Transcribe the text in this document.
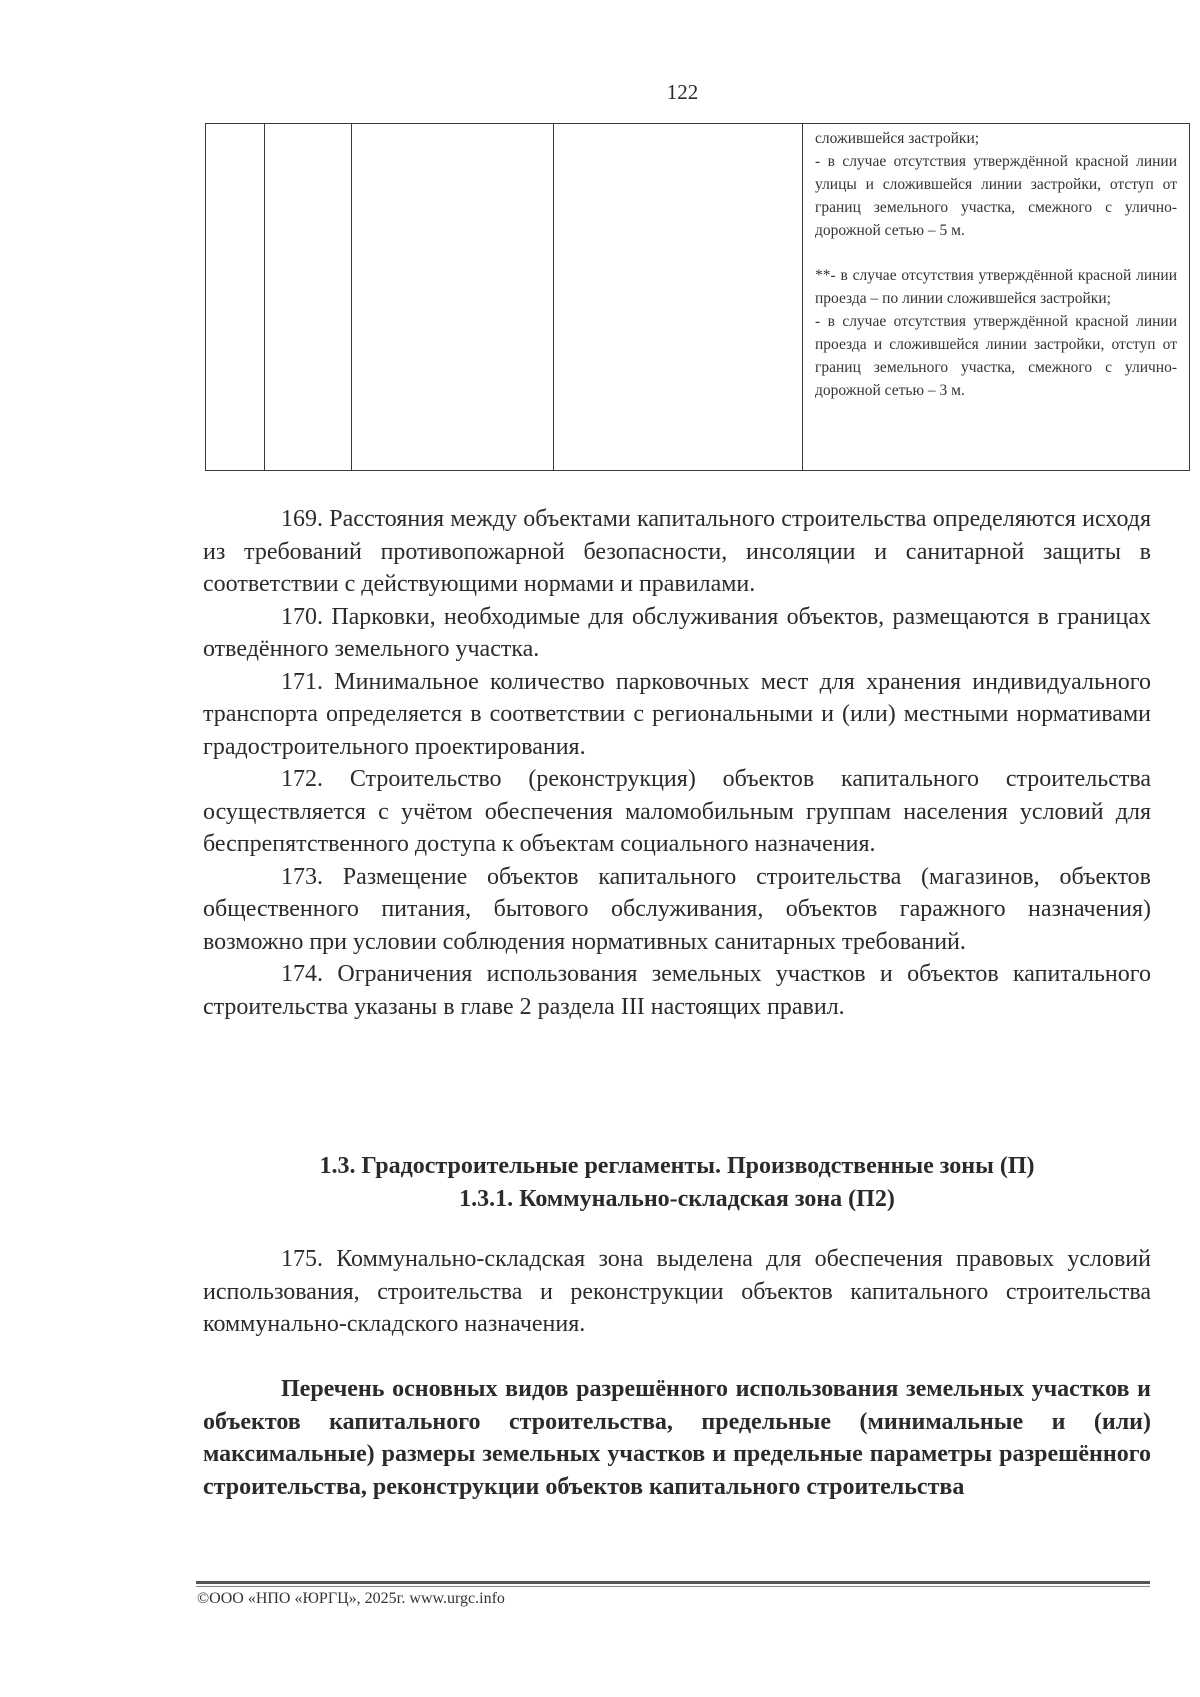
122

сложившейся застройки;

- в случае отсутствия утверждённой красной линии улицы и сложившейся линии застройки, отступ от границ земельного участка, смежного с улично-дорожной сетью – 5 м.

**- в случае отсутствия утверждённой красной линии проезда – по линии сложившейся застройки;

- в случае отсутствия утверждённой красной линии проезда и сложившейся линии застройки, отступ от границ земельного участка, смежного с улично-дорожной сетью – 3 м.

169. Расстояния между объектами капитального строительства определяются исходя из требований противопожарной безопасности, инсоляции и санитарной защиты в соответствии с действующими нормами и правилами.

170. Парковки, необходимые для обслуживания объектов, размещаются в границах отведённого земельного участка.

171. Минимальное количество парковочных мест для хранения индивидуального транспорта определяется в соответствии с региональными и (или) местными нормативами градостроительного проектирования.

172. Строительство (реконструкция) объектов капитального строительства осуществляется с учётом обеспечения маломобильным группам населения условий для беспрепятственного доступа к объектам социального назначения.

173. Размещение объектов капитального строительства (магазинов, объектов общественного питания, бытового обслуживания, объектов гаражного назначения) возможно при условии соблюдения нормативных санитарных требований.

174. Ограничения использования земельных участков и объектов капитального строительства указаны в главе 2 раздела III настоящих правил.

1.3. Градостроительные регламенты. Производственные зоны (П)
1.3.1. Коммунально-складская зона (П2)

175. Коммунально-складская зона выделена для обеспечения правовых условий использования, строительства и реконструкции объектов капитального строительства коммунально-складского назначения.

Перечень основных видов разрешённого использования земельных участков и объектов капитального строительства, предельные (минимальные и (или) максимальные) размеры земельных участков и предельные параметры разрешённого строительства, реконструкции объектов капитального строительства
©ООО «НПО «ЮРГЦ», 2025г. www.urgc.info
